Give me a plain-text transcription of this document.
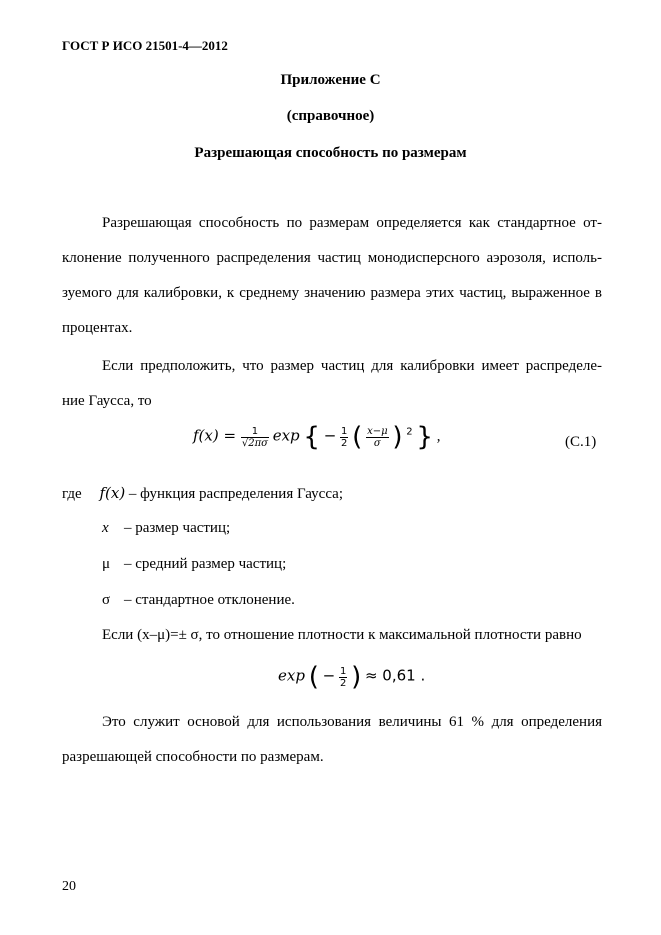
ГОСТ Р ИСО 21501-4—2012
Приложение С
(справочное)
Разрешающая способность по размерам
Разрешающая способность по размерам определяется как стандартное от-
клонение полученного распределения частиц монодисперсного аэрозоля, исполь-
зуемого для калибровки, к среднему значению размера этих частиц, выраженное в
процентах.
Если предположить, что размер частиц для калибровки имеет распределе-
ние Гаусса, то
$f(x) = \frac{1}{√2\pi\sigma}$ exp { − $\frac{1}{2}$ ( $\frac{x-\mu}{\sigma}$ ) $^2$ } ,	(С.1)
где f(x) – функция распределения Гаусса;
x – размер частиц;
μ – средний размер частиц;
σ – стандартное отклонение.
Если (x–μ)=± σ, то отношение плотности к максимальной плотности равно
exp ( − $\frac{1}{2}$ ) ≈ 0,61 .
Это служит основой для использования величины 61 % для определения
разрешающей способности по размерам.
20
